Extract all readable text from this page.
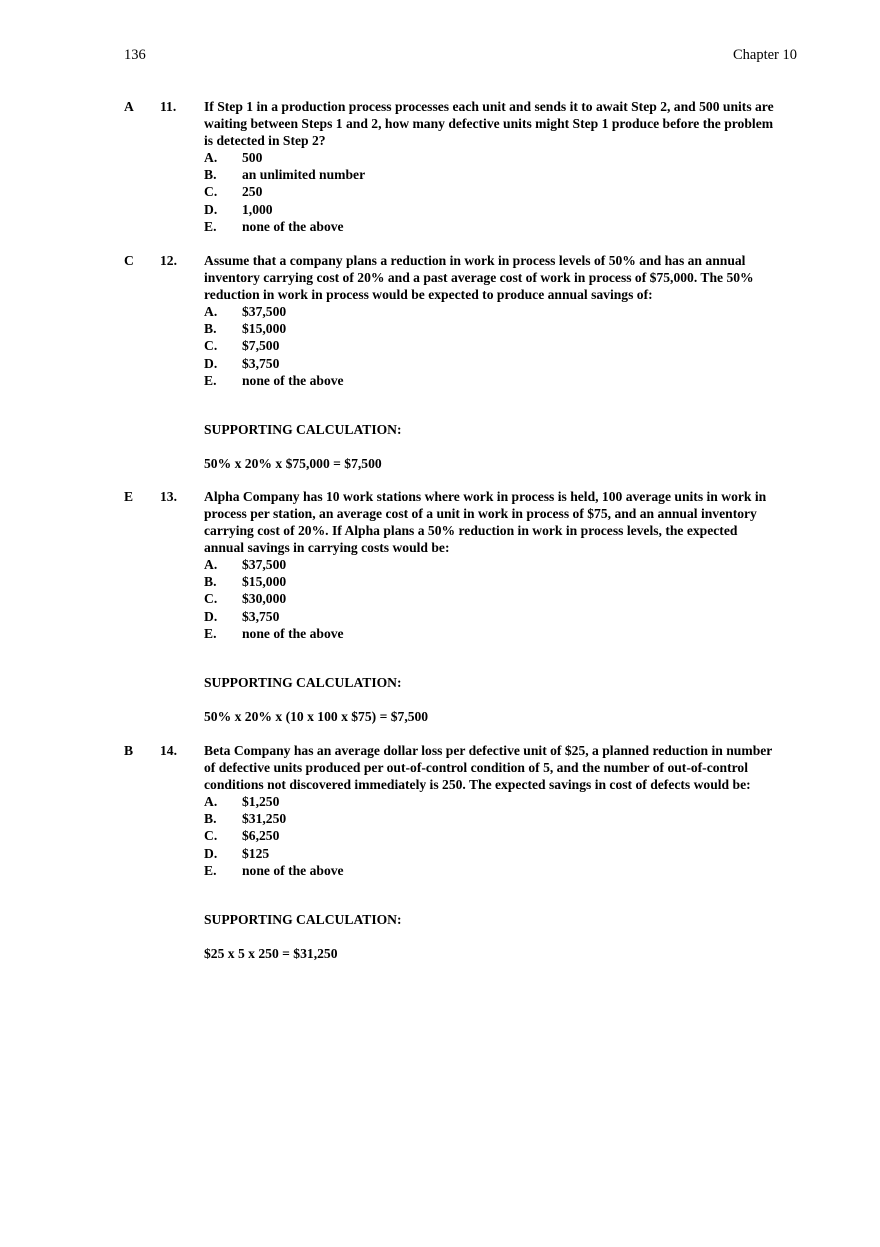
136	Chapter 10
A 11. If Step 1 in a production process processes each unit and sends it to await Step 2, and 500 units are
waiting between Steps 1 and 2, how many defective units might Step 1 produce before the problem
is detected in Step 2?
A. 500
B. an unlimited number
C. 250
D. 1,000
E. none of the above
C 12. Assume that a company plans a reduction in work in process levels of 50% and has an annual
inventory carrying cost of 20% and a past average cost of work in process of $75,000. The 50%
reduction in work in process would be expected to produce annual savings of:
A. $37,500
B. $15,000
C. $7,500
D. $3,750
E. none of the above
SUPPORTING CALCULATION:
50% x 20% x $75,000 = $7,500
E 13. Alpha Company has 10 work stations where work in process is held, 100 average units in work in
process per station, an average cost of a unit in work in process of $75, and an annual inventory
carrying cost of 20%. If Alpha plans a 50% reduction in work in process levels, the expected
annual savings in carrying costs would be:
A. $37,500
B. $15,000
C. $30,000
D. $3,750
E. none of the above
SUPPORTING CALCULATION:
50% x 20% x (10 x 100 x $75) = $7,500
B 14. Beta Company has an average dollar loss per defective unit of $25, a planned reduction in number
of defective units produced per out-of-control condition of 5, and the number of out-of-control
conditions not discovered immediately is 250. The expected savings in cost of defects would be:
A. $1,250
B. $31,250
C. $6,250
D. $125
E. none of the above
SUPPORTING CALCULATION:
$25 x 5 x 250 = $31,250
